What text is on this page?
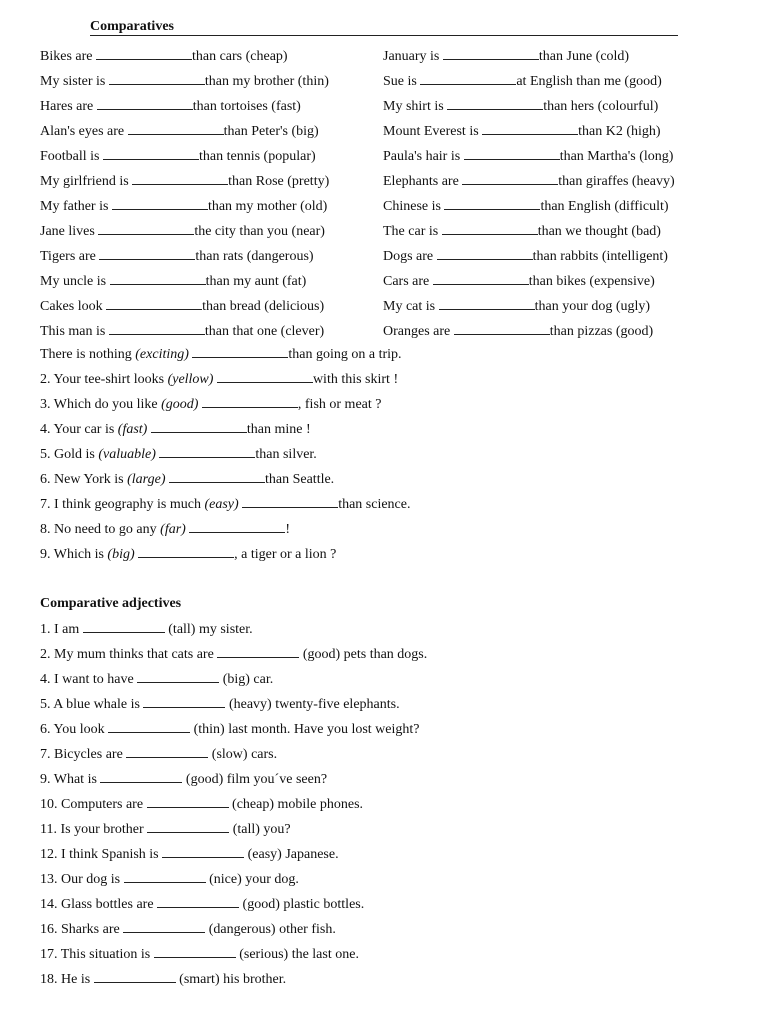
Comparatives
Bikes are	than cars (cheap)
My sister is	than my brother (thin)
Hares are	than tortoises (fast)
Alan's eyes are	than Peter's (big)
Football is	than tennis (popular)
My girlfriend is	than Rose (pretty)
My father is	than my mother (old)
Jane lives	the city than you (near)
Tigers are	than rats (dangerous)
My uncle is	than my aunt (fat)
Cakes look	than bread (delicious)
This man is	than that one (clever)
January is	than June (cold)
Sue is	at English than me (good)
My shirt is	than hers (colourful)
Mount Everest is	than K2 (high)
Paula's hair is	than Martha's (long)
Elephants are	than giraffes (heavy)
Chinese is	than English (difficult)
The car is	than we thought (bad)
Dogs are	than rabbits (intelligent)
Cars are	than bikes (expensive)
My cat is	than your dog (ugly)
Oranges are	than pizzas (good)
There is nothing (exciting)	than going on a trip.
2. Your tee-shirt looks (yellow)	with this skirt !
3. Which do you like (good)	, fish or meat ?
4. Your car is (fast)	than mine !
5. Gold is (valuable)	than silver.
6. New York is (large)	than Seattle.
7. I think geography is much (easy)	than science.
8. No need to go any (far)	!
9. Which is (big)	, a tiger or a lion ?
Comparative adjectives
1. I am	(tall) my sister.
2. My mum thinks that cats are	(good) pets than dogs.
4. I want to have	(big) car.
5. A blue whale is	(heavy) twenty-five elephants.
6. You look	(thin) last month. Have you lost weight?
7. Bicycles are	(slow) cars.
9. What is	(good) film you´ve seen?
10. Computers are	(cheap) mobile phones.
11. Is your brother	(tall) you?
12. I think Spanish is	(easy) Japanese.
13. Our dog is	(nice) your dog.
14. Glass bottles are	(good) plastic bottles.
16. Sharks are	(dangerous) other fish.
17. This situation is	(serious) the last one.
18. He is	(smart) his brother.
